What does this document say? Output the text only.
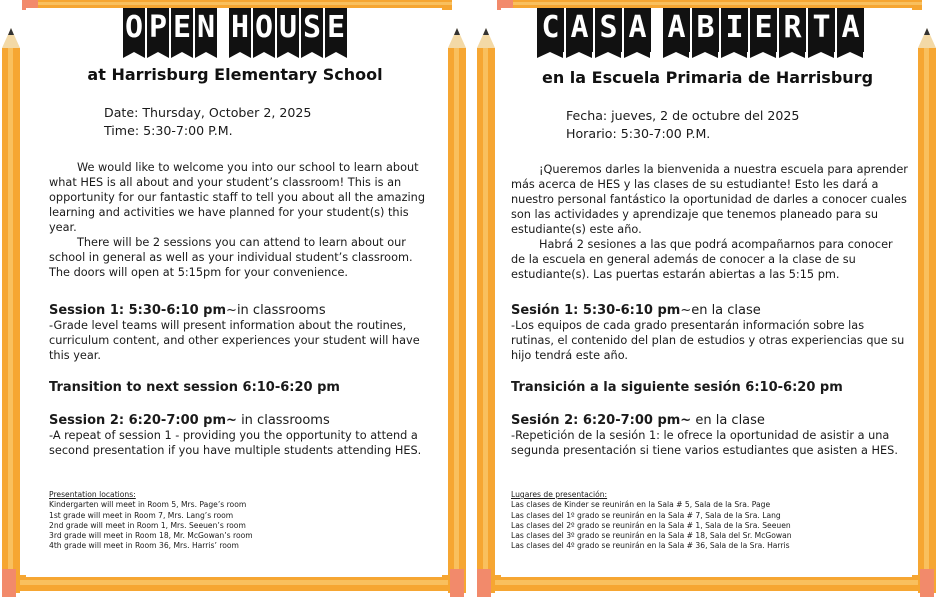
O P E N H O U S E
at Harrisburg Elementary School
Date: Thursday, October 2, 2025
Time: 5:30-7:00 P.M.

We would like to welcome you into our school to learn about what HES is all about and your student’s classroom! This is an opportunity for our fantastic staff to tell you about all the amazing learning and activities we have planned for your student(s) this year.

There will be 2 sessions you can attend to learn about our school in general as well as your individual student’s classroom. The doors will open at 5:15pm for your convenience.

Session 1: 5:30-6:10 pm~in classrooms

-Grade level teams will present information about the routines, curriculum content, and other experiences your student will have this year.

Transition to next session 6:10-6:20 pm
Session 2: 6:20-7:00 pm~ in classrooms

-A repeat of session 1 - providing you the opportunity to attend a second presentation if you have multiple students attending HES.

Presentation locations:
Kindergarten will meet in Room 5, Mrs. Page’s room
1st grade will meet in Room 7, Mrs. Lang’s room
2nd grade will meet in Room 1, Mrs. Seeuen’s room
3rd grade will meet in Room 18, Mr. McGowan’s room
4th grade will meet in Room 36, Mrs. Harris’ room
C A S A A B I E R T A
en la Escuela Primaria de Harrisburg
Fecha: jueves, 2 de octubre del 2025
Horario: 5:30-7:00 P.M.

¡Queremos darles la bienvenida a nuestra escuela para aprender más acerca de HES y las clases de su estudiante! Esto les dará a nuestro personal fantástico la oportunidad de darles a conocer cuales son las actividades y aprendizaje que tenemos planeado para su estudiante(s) este año.

Habrá 2 sesiones a las que podrá acompañarnos para conocer de la escuela en general además de conocer a la clase de su estudiante(s). Las puertas estarán abiertas a las 5:15 pm.

Sesión 1: 5:30-6:10 pm~en la clase

-Los equipos de cada grado presentarán información sobre las rutinas, el contenido del plan de estudios y otras experiencias que su hijo tendrá este año.

Transición a la siguiente sesión 6:10-6:20 pm
Sesión 2: 6:20-7:00 pm~ en la clase

-Repetición de la sesión 1: le ofrece la oportunidad de asistir a una segunda presentación si tiene varios estudiantes que asisten a HES.

Lugares de presentación:
Las clases de Kinder se reunirán en la Sala # 5, Sala de la Sra. Page
Las clases del 1º grado se reunirán en la Sala # 7, Sala de la Sra. Lang
Las clases del 2º grado se reunirán en la Sala # 1, Sala de la Sra. Seeuen
Las clases del 3º grado se reunirán en la Sala # 18, Sala del Sr. McGowan
Las clases del 4º grado se reunirán en la Sala # 36, Sala de la Sra. Harris
